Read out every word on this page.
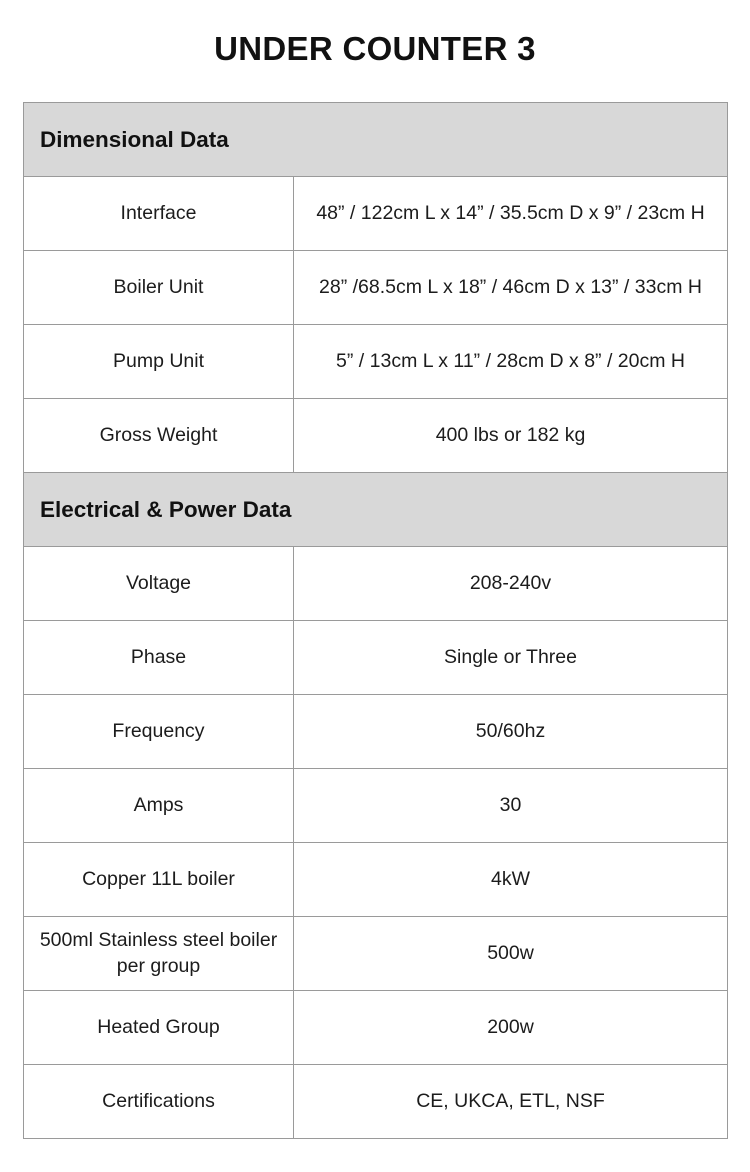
UNDER COUNTER 3
Dimensional Data	
Interface	48” / 122cm L x 14” / 35.5cm D x 9” / 23cm H
Boiler Unit	28” /68.5cm L x 18” / 46cm D x 13” / 33cm H
Pump Unit	5” / 13cm L x 11” / 28cm D x 8” / 20cm H
Gross Weight	400 lbs or 182 kg
Electrical & Power Data	
Voltage	208-240v
Phase	Single or Three
Frequency	50/60hz
Amps	30
Copper 11L boiler	4kW
500ml Stainless steel boiler per group	500w
Heated Group	200w
Certifications	CE, UKCA, ETL, NSF
